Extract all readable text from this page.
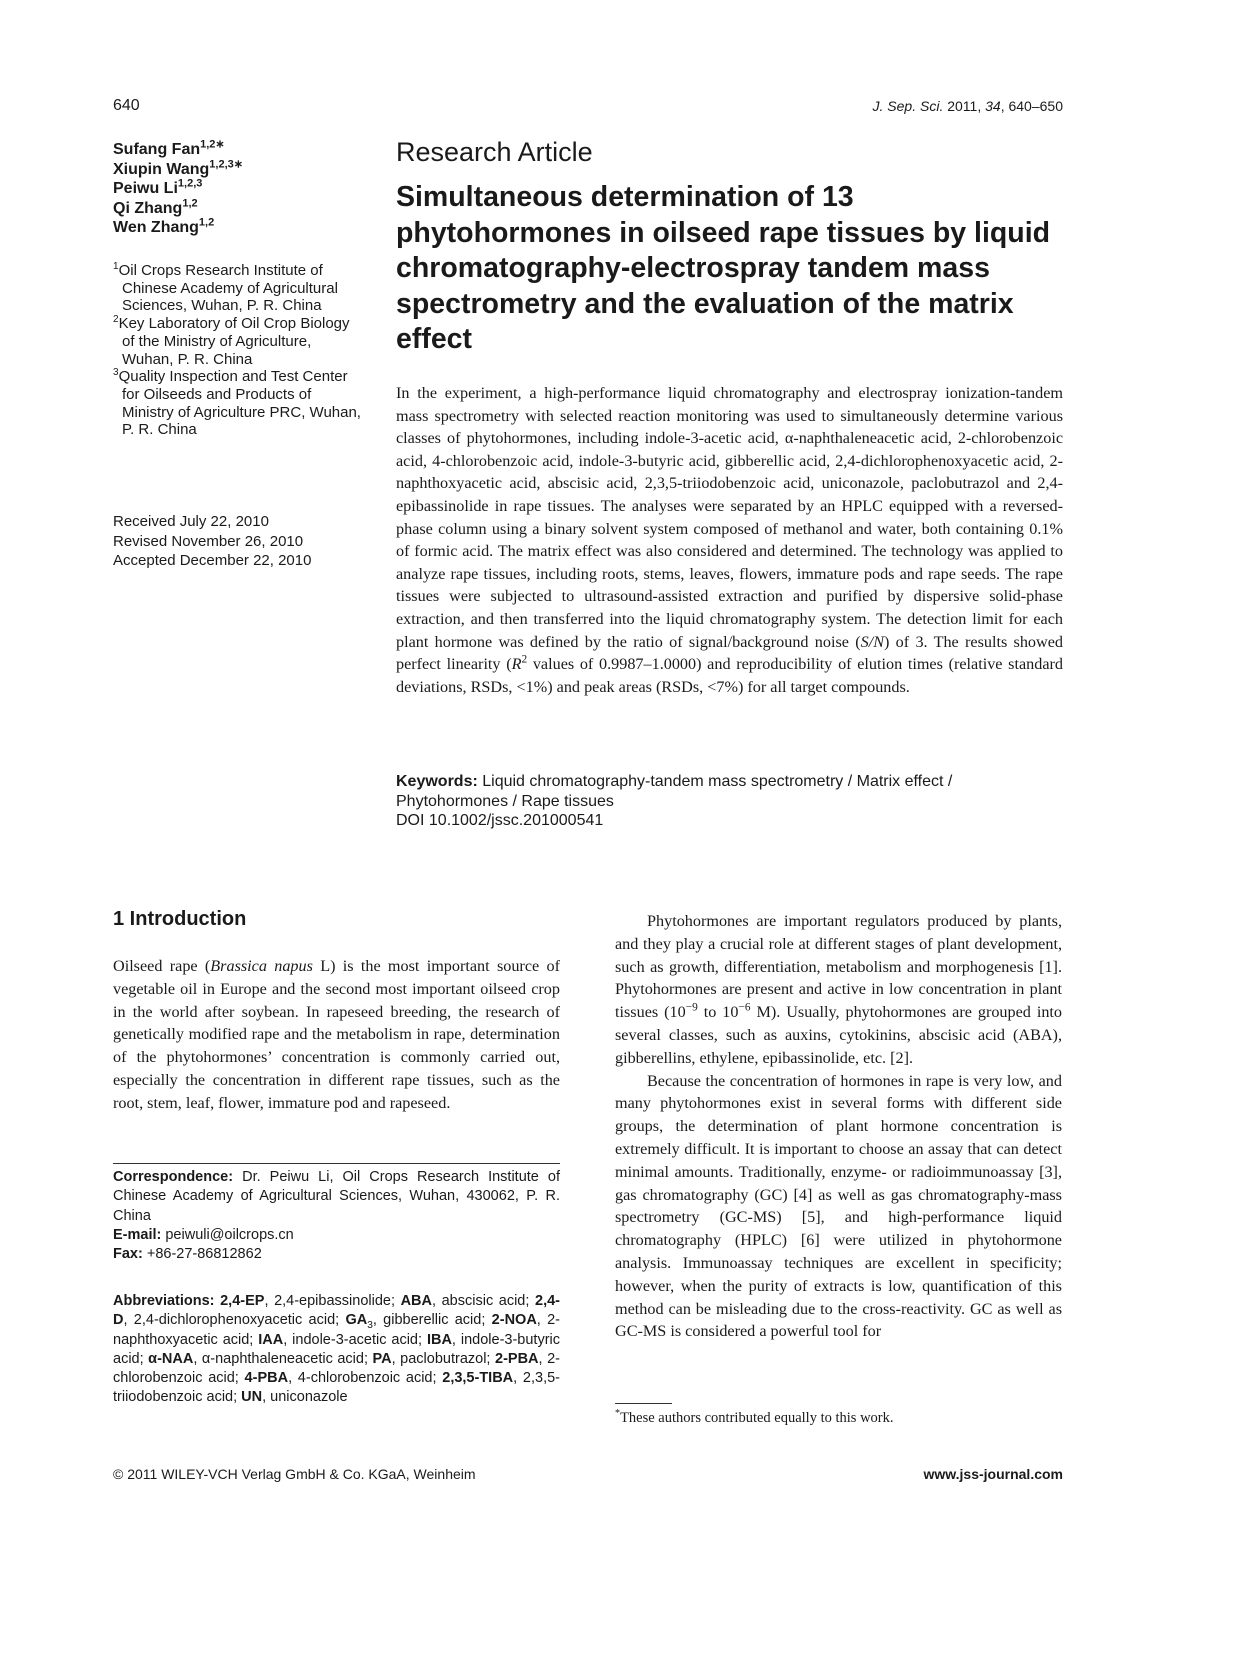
640	J. Sep. Sci. 2011, 34, 640–650
Sufang Fan$^{1,2∗}$
Xiupin Wang$^{1,2,3∗}$
Peiwu Li$^{1,2,3}$
Qi Zhang$^{1,2}$
Wen Zhang$^{1,2}$
$^1$Oil Crops Research Institute of Chinese Academy of Agricultural Sciences, Wuhan, P. R. China
$^2$Key Laboratory of Oil Crop Biology of the Ministry of Agriculture, Wuhan, P. R. China
$^3$Quality Inspection and Test Center for Oilseeds and Products of Ministry of Agriculture PRC, Wuhan, P. R. China
Received July 22, 2010
Revised November 26, 2010
Accepted December 22, 2010
Research Article
Simultaneous determination of 13 phytohormones in oilseed rape tissues by liquid chromatography-electrospray tandem mass spectrometry and the evaluation of the matrix effect
In the experiment, a high-performance liquid chromatography and electrospray ionization-tandem mass spectrometry with selected reaction monitoring was used to simultaneously determine various classes of phytohormones, including indole-3-acetic acid, α-naphthaleneacetic acid, 2-chlorobenzoic acid, 4-chlorobenzoic acid, indole-3-butyric acid, gibberellic acid, 2,4-dichlorophenoxyacetic acid, 2-naphthoxyacetic acid, abscisic acid, 2,3,5-triiodobenzoic acid, uniconazole, paclobutrazol and 2,4-epibassinolide in rape tissues. The analyses were separated by an HPLC equipped with a reversed-phase column using a binary solvent system composed of methanol and water, both containing 0.1% of formic acid. The matrix effect was also considered and determined. The technology was applied to analyze rape tissues, including roots, stems, leaves, flowers, immature pods and rape seeds. The rape tissues were subjected to ultrasound-assisted extraction and purified by dispersive solid-phase extraction, and then transferred into the liquid chromatography system. The detection limit for each plant hormone was defined by the ratio of signal/background noise (S/N) of 3. The results showed perfect linearity ($R^2$ values of 0.9987–1.0000) and reproducibility of elution times (relative standard deviations, RSDs, <1%) and peak areas (RSDs, <7%) for all target compounds.
Keywords: Liquid chromatography-tandem mass spectrometry / Matrix effect / Phytohormones / Rape tissues
DOI 10.1002/jssc.201000541
1 Introduction

Oilseed rape (Brassica napus L) is the most important source of vegetable oil in Europe and the second most important oilseed crop in the world after soybean. In rapeseed breeding, the research of genetically modified rape and the metabolism in rape, determination of the phytohormones’ concentration is commonly carried out, especially the concentration in different rape tissues, such as the root, stem, leaf, flower, immature pod and rapeseed.

Phytohormones are important regulators produced by plants, and they play a crucial role at different stages of plant development, such as growth, differentiation, metabolism and morphogenesis [1]. Phytohormones are present and active in low concentration in plant tissues ($10^{-9}$ to $10^{-6}$ M). Usually, phytohormones are grouped into several classes, such as auxins, cytokinins, abscisic acid (ABA), gibberellins, ethylene, epibassinolide, etc. [2].

Because the concentration of hormones in rape is very low, and many phytohormones exist in several forms with different side groups, the determination of plant hormone concentration is extremely difficult. It is important to choose an assay that can detect minimal amounts. Traditionally, enzyme- or radioimmunoassay [3], gas chromatography (GC) [4] as well as gas chromatography-mass spectrometry (GC-MS) [5], and high-performance liquid chromatography (HPLC) [6] were utilized in phytohormone analysis. Immunoassay techniques are excellent in specificity; however, when the purity of extracts is low, quantification of this method can be misleading due to the cross-reactivity. GC as well as GC-MS is considered a powerful tool for

Correspondence: Dr. Peiwu Li, Oil Crops Research Institute of Chinese Academy of Agricultural Sciences, Wuhan, 430062, P. R. China
E-mail: peiwuli@oilcrops.cn
Fax: +86-27-86812862
Abbreviations: 2,4-EP, 2,4-epibassinolide; ABA, abscisic acid; 2,4-D, 2,4-dichlorophenoxyacetic acid; $GA_3$, gibberellic acid; 2-NOA, 2-naphthoxyacetic acid; IAA, indole-3-acetic acid; IBA, indole-3-butyric acid; α-NAA, α-naphthaleneacetic acid; PA, paclobutrazol; 2-PBA, 2-chlorobenzoic acid; 4-PBA, 4-chlorobenzoic acid; 2,3,5-TIBA, 2,3,5-triiodobenzoic acid; UN, uniconazole
*These authors contributed equally to this work.
© 2011 WILEY-VCH Verlag GmbH & Co. KGaA, Weinheim	www.jss-journal.com
